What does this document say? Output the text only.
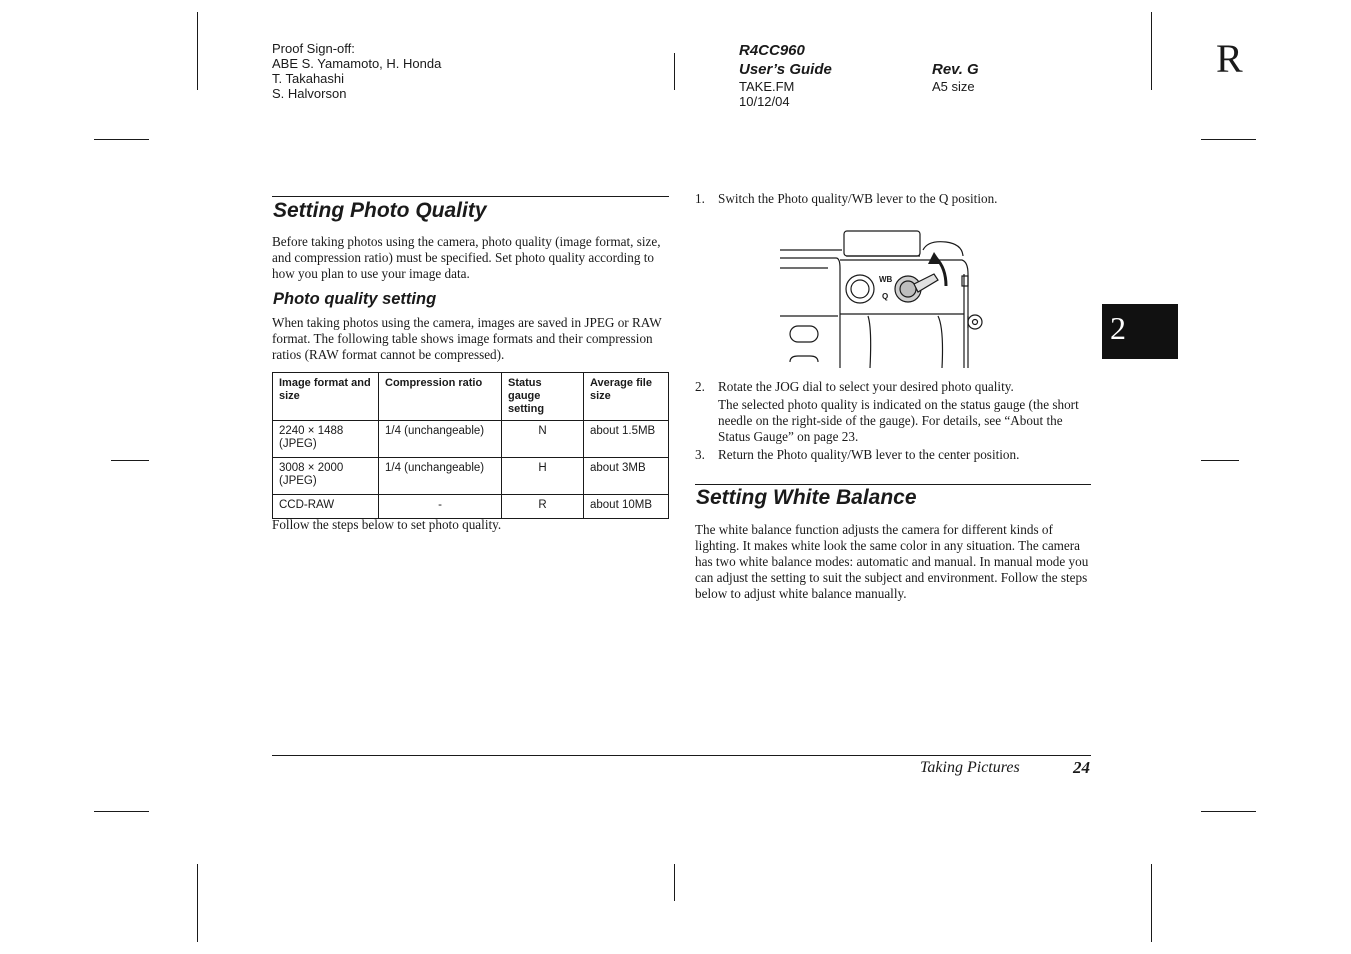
Proof Sign-off:
ABE S. Yamamoto, H. Honda
T. Takahashi
S. Halvorson
R4CC960
User’s Guide
TAKE.FM
10/12/04
Rev. G
A5 size
R
2
Setting Photo Quality

Before taking photos using the camera, photo quality (image format, size, and compression ratio) must be specified. Set photo quality according to how you plan to use your image data.

Photo quality setting

When taking photos using the camera, images are saved in JPEG or RAW format. The following table shows image formats and their compression ratios (RAW format cannot be compressed).

Image format and size	Compression ratio	Status gauge setting	Average file size
2240 × 1488 (JPEG)	1/4 (unchangeable)	N	about 1.5MB
3008 × 2000 (JPEG)	1/4 (unchangeable)	H	about 3MB
CCD-RAW	-	R	about 10MB

Follow the steps below to set photo quality.

1. Switch the Photo quality/WB lever to the Q position.

WB
Q
2. Rotate the JOG dial to select your desired photo quality.

The selected photo quality is indicated on the status gauge (the short needle on the right-side of the gauge). For details, see “About the Status Gauge” on page 23.

3. Return the Photo quality/WB lever to the center position.

Setting White Balance

The white balance function adjusts the camera for different kinds of lighting. It makes white look the same color in any situation. The camera has two white balance modes: automatic and manual. In manual mode you can adjust the setting to suit the subject and environment. Follow the steps below to adjust white balance manually.

Taking Pictures	24
